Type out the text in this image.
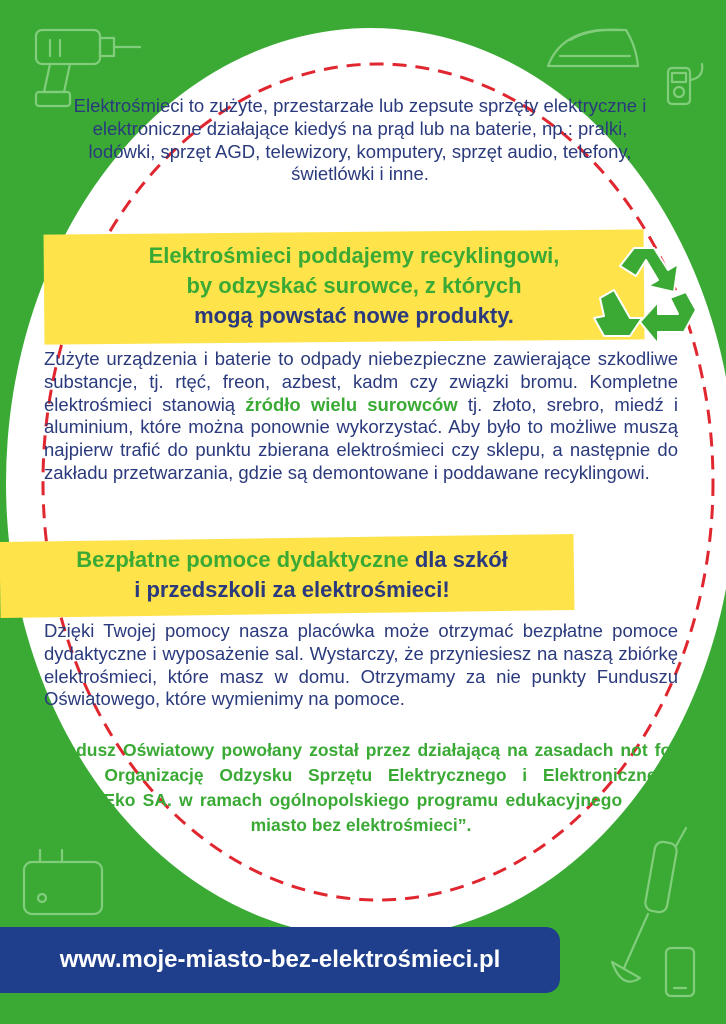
Elektrośmieci to zużyte, przestarzałe lub zepsute sprzęty elektryczne i elektroniczne działające kiedyś na prąd lub na baterie, np.: pralki, lodówki, sprzęt AGD, telewizory, komputery, sprzęt audio, telefony, świetlówki i inne.

Elektrośmieci poddajemy recyklingowi,
by odzyskać surowce, z których
mogą powstać nowe produkty.

Zużyte urządzenia i baterie to odpady niebezpieczne zawierające szkodliwe substancje, tj. rtęć, freon, azbest, kadm czy związki bromu. Kompletne elektrośmieci stanowią źródło wielu surowców tj. złoto, srebro, miedź i aluminium, które można ponownie wykorzystać. Aby było to możliwe muszą najpierw trafić do punktu zbierana elektrośmieci czy sklepu, a następnie do zakładu przetwarzania, gdzie są demontowane i poddawane recyklingowi.

Bezpłatne pomoce dydaktyczne dla szkół
i przedszkoli za elektrośmieci!

Dzięki Twojej pomocy nasza placówka może otrzymać bezpłatne pomoce dydaktyczne i wyposażenie sal. Wystarczy, że przyniesiesz na naszą zbiórkę elektrośmieci, które masz w domu. Otrzymamy za nie punkty Funduszu Oświatowego, które wymienimy na pomoce.

Fundusz Oświatowy powołany został przez działającą na zasadach not for profit Organizację Odzysku Sprzętu Elektrycznego i Elektronicznego ElektroEko SA. w ramach ogólnopolskiego programu edukacyjnego „Moje miasto bez elektrośmieci”.

www.moje-miasto-bez-elektrośmieci.pl
